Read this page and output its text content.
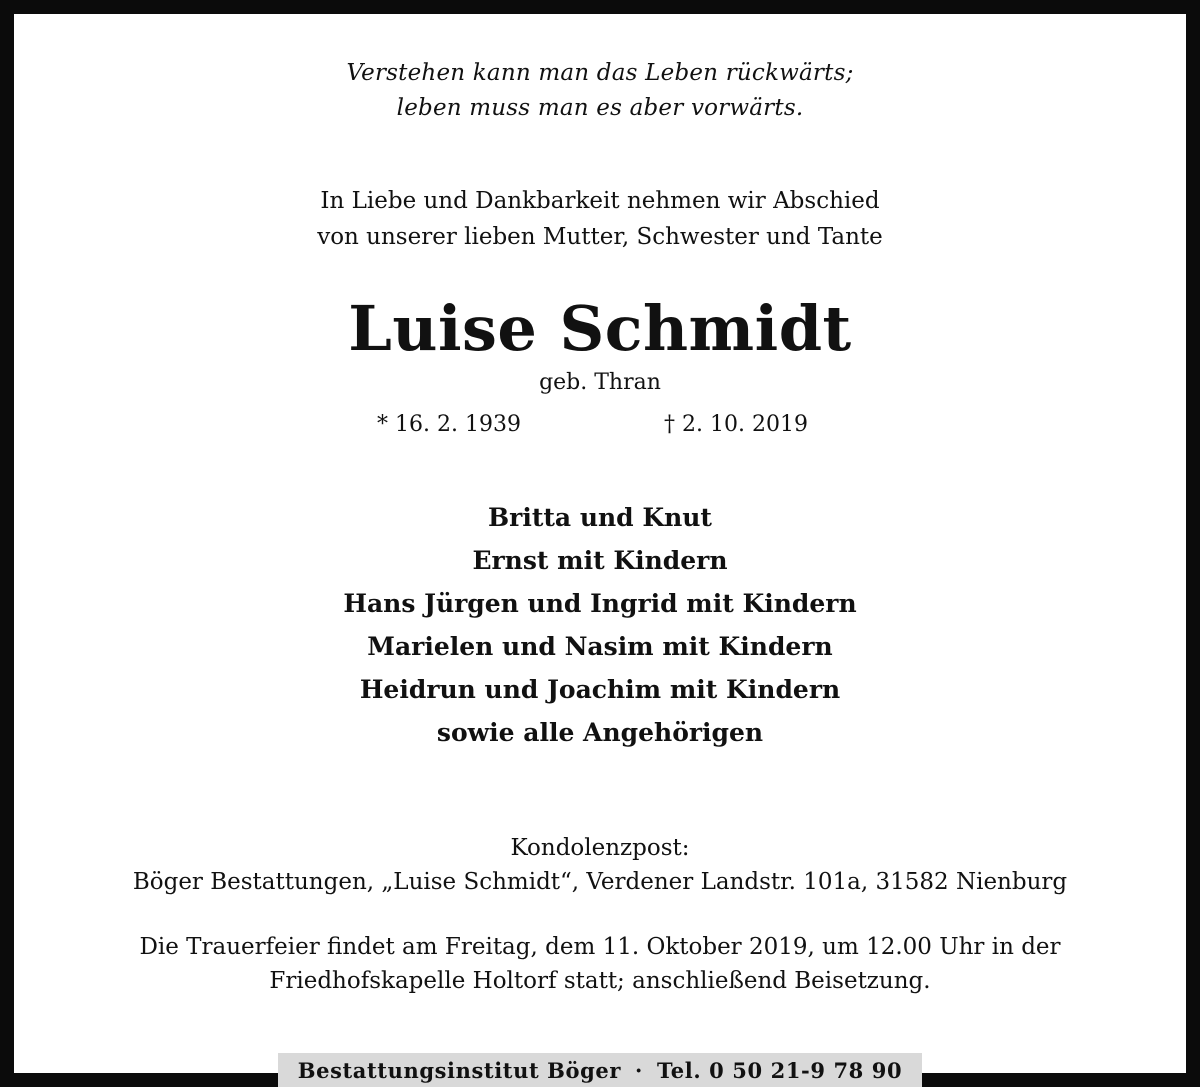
Verstehen kann man das Leben rückwärts;
leben muss man es aber vorwärts.
In Liebe und Dankbarkeit nehmen wir Abschied
von unserer lieben Mutter, Schwester und Tante
Luise Schmidt
geb. Thran
* 16. 2. 1939	† 2. 10. 2019
Britta und Knut
Ernst mit Kindern
Hans Jürgen und Ingrid mit Kindern
Marielen und Nasim mit Kindern
Heidrun und Joachim mit Kindern
sowie alle Angehörigen
Kondolenzpost:
Böger Bestattungen, „Luise Schmidt“, Verdener Landstr. 101a, 31582 Nienburg
Die Trauerfeier findet am Freitag, dem 11. Oktober 2019, um 12.00 Uhr in der
Friedhofskapelle Holtorf statt; anschließend Beisetzung.
Bestattungsinstitut Böger · Tel. 0 50 21-9 78 90
